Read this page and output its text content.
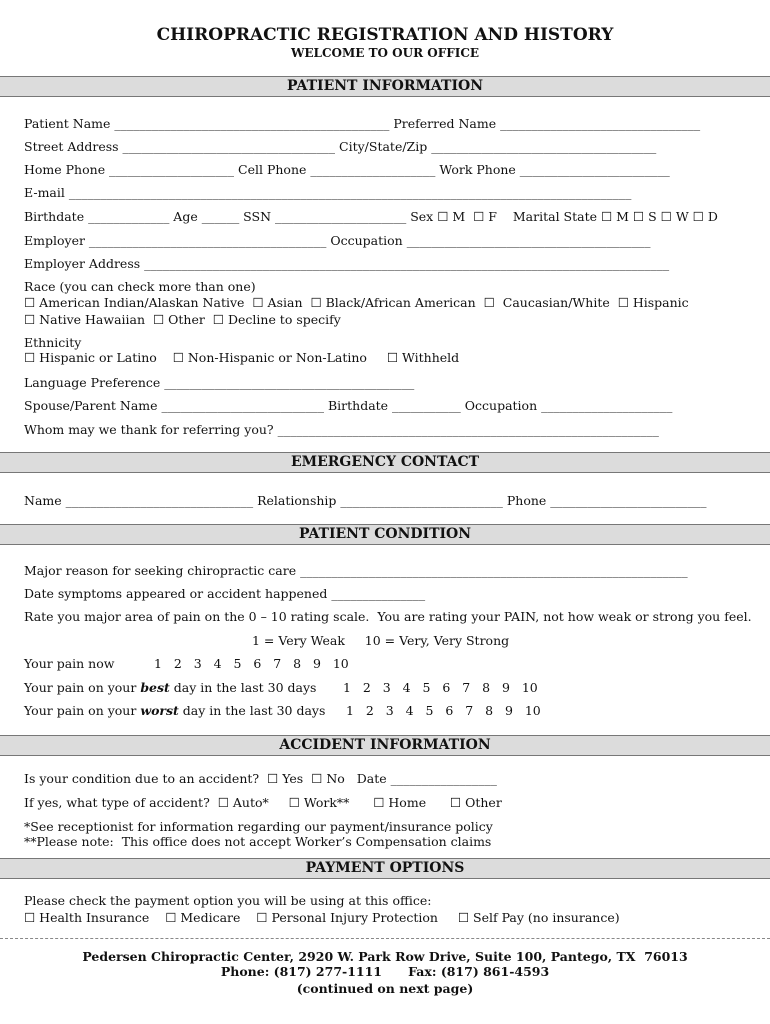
CHIROPRACTIC REGISTRATION AND HISTORY
WELCOME TO OUR OFFICE
PATIENT INFORMATION
Patient Name ____________________________________________ Preferred Name ________________________________
Street Address __________________________________ City/State/Zip ____________________________________
Home Phone ____________________ Cell Phone ____________________ Work Phone ________________________
E-mail __________________________________________________________________________________________
Birthdate _____________ Age ______ SSN _____________________ Sex ☐ M  ☐ F    Marital State ☐ M ☐ S ☐ W ☐ D
Employer ______________________________________ Occupation _______________________________________
Employer Address ____________________________________________________________________________________
Race (you can check more than one)
☐ American Indian/Alaskan Native  ☐ Asian  ☐ Black/African American  ☐  Caucasian/White  ☐ Hispanic
☐ Native Hawaiian  ☐ Other  ☐ Decline to specify
Ethnicity
☐ Hispanic or Latino    ☐ Non-Hispanic or Non-Latino     ☐ Withheld
Language Preference ________________________________________
Spouse/Parent Name __________________________ Birthdate ___________ Occupation _____________________
Whom may we thank for referring you? _____________________________________________________________
EMERGENCY CONTACT
Name ______________________________ Relationship __________________________ Phone _________________________
PATIENT CONDITION
Major reason for seeking chiropractic care ______________________________________________________________
Date symptoms appeared or accident happened _______________
Rate you major area of pain on the 0 – 10 rating scale.  You are rating your PAIN, not how weak or strong you feel.
1 = Very Weak     10 = Very, Very Strong
Your pain now	1   2   3   4   5   6   7   8   9   10
Your pain on your best day in the last 30 days 1   2   3   4   5   6   7   8   9   10
Your pain on your worst day in the last 30 days 1   2   3   4   5   6   7   8   9   10
ACCIDENT INFORMATION
Is your condition due to an accident?  ☐ Yes  ☐ No   Date _________________
If yes, what type of accident?  ☐ Auto*     ☐ Work**      ☐ Home      ☐ Other
*See receptionist for information regarding our payment/insurance policy
**Please note:  This office does not accept Worker’s Compensation claims
PAYMENT OPTIONS
Please check the payment option you will be using at this office:
☐ Health Insurance    ☐ Medicare    ☐ Personal Injury Protection     ☐ Self Pay (no insurance)
Pedersen Chiropractic Center, 2920 W. Park Row Drive, Suite 100, Pantego, TX  76013
Phone: (817) 277-1111      Fax: (817) 861-4593
(continued on next page)
